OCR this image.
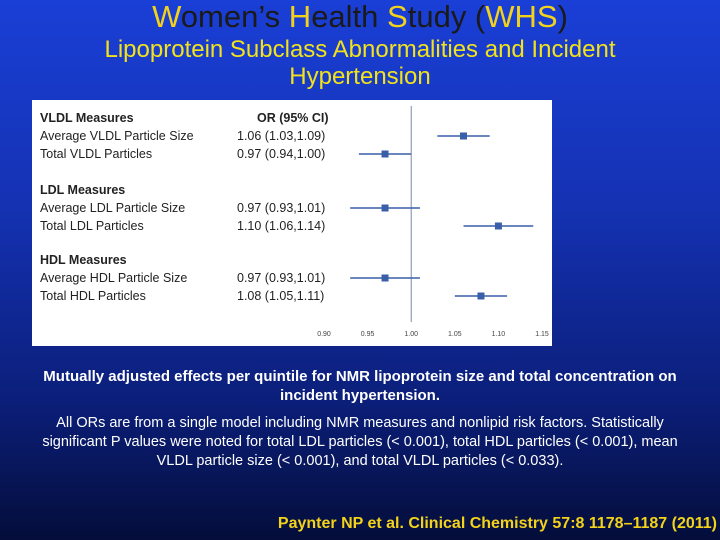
Women’s Health Study (WHS)
Lipoprotein Subclass Abnormalities and Incident
Hypertension
VLDL Measures	OR (95% CI)
Average VLDL Particle Size	1.06 (1.03,1.09)
Total VLDL Particles	0.97 (0.94,1.00)
LDL Measures
Average LDL Particle Size	0.97 (0.93,1.01)
Total LDL Particles	1.10 (1.06,1.14)
HDL Measures
Average HDL Particle Size	0.97 (0.93,1.01)
Total HDL Particles	1.08 (1.05,1.11)
0.90	0.95	1.00	1.05	1.10	1.15
Mutually adjusted effects per quintile for NMR lipoprotein size and total concentration on incident hypertension.
All ORs are from a single model including NMR measures and nonlipid risk factors. Statistically significant P values were noted for total LDL particles (< 0.001), total HDL particles (< 0.001), mean VLDL particle size (< 0.001), and total VLDL particles (< 0.033).
Paynter NP et al. Clinical Chemistry 57:8 1178–1187 (2011)
